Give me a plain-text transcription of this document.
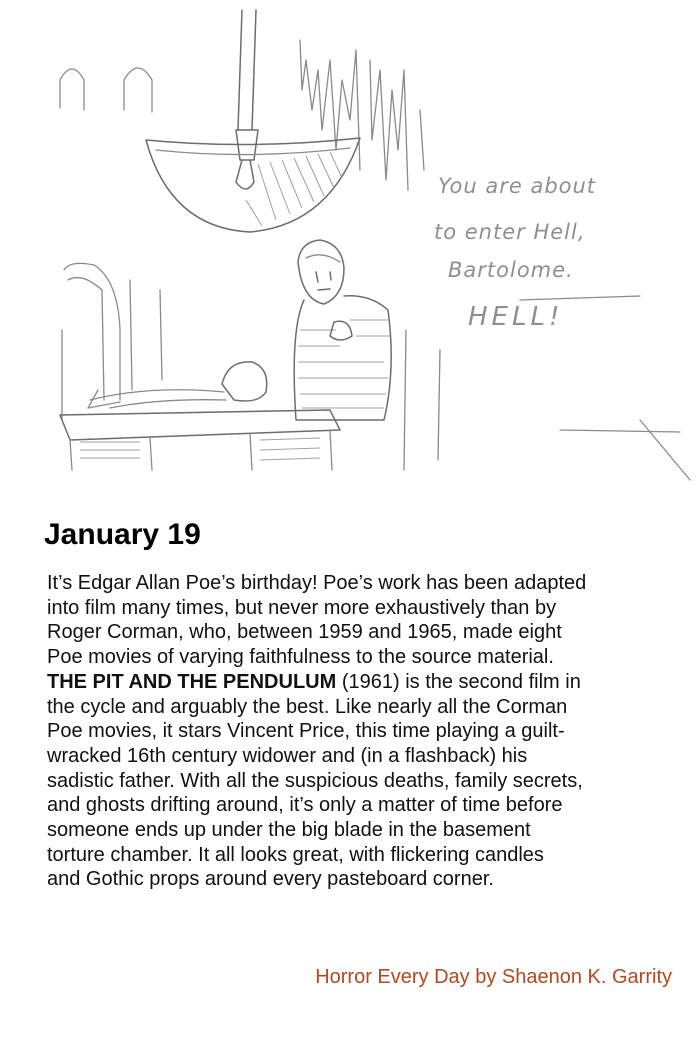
You are about
to enter Hell,
Bartolome.
HELL!
January 19
It’s Edgar Allan Poe’s birthday! Poe’s work has been adapted
into film many times, but never more exhaustively than by
Roger Corman, who, between 1959 and 1965, made eight
Poe movies of varying faithfulness to the source material.
THE PIT AND THE PENDULUM (1961) is the second film in
the cycle and arguably the best. Like nearly all the Corman
Poe movies, it stars Vincent Price, this time playing a guilt-
wracked 16th century widower and (in a flashback) his
sadistic father. With all the suspicious deaths, family secrets,
and ghosts drifting around, it’s only a matter of time before
someone ends up under the big blade in the basement
torture chamber. It all looks great, with flickering candles
and Gothic props around every pasteboard corner.
Horror Every Day by Shaenon K. Garrity
